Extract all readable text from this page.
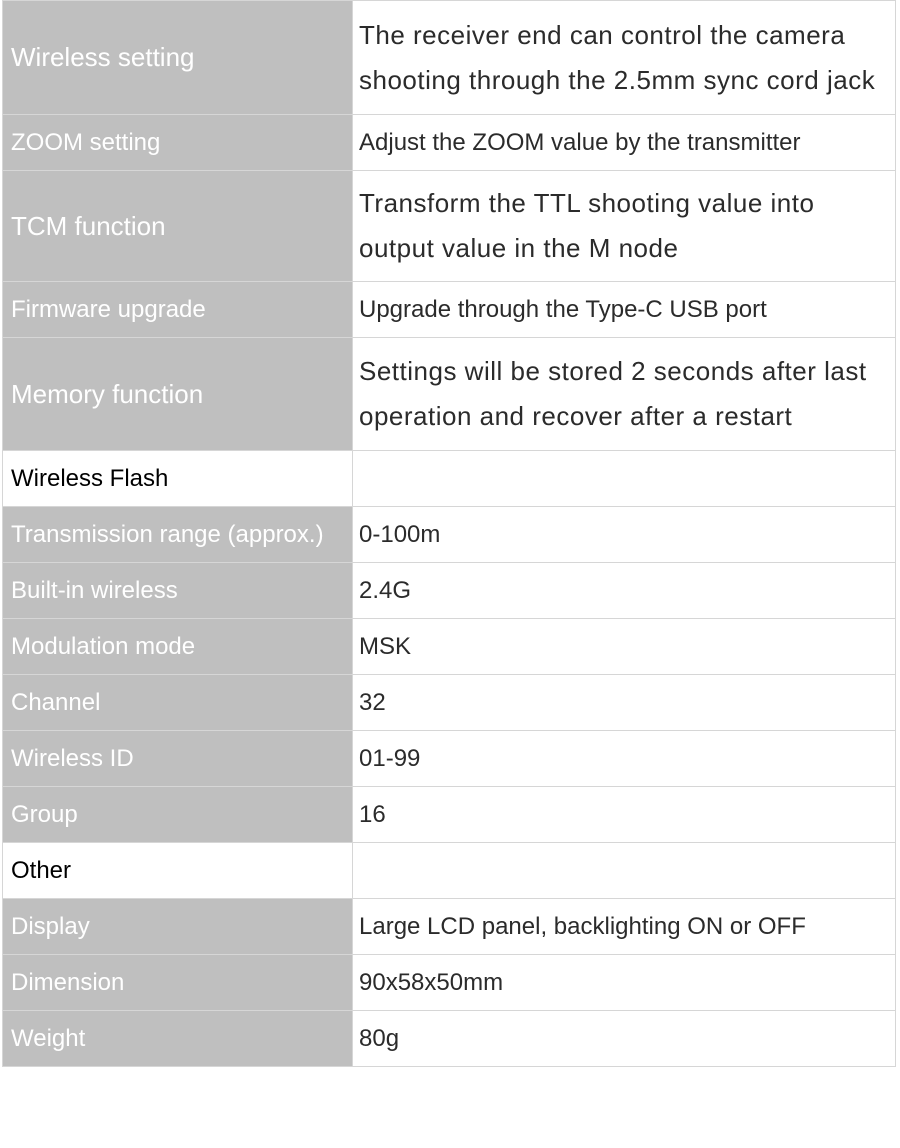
Wireless setting	The receiver end can control the camera shooting through the 2.5mm sync cord jack
ZOOM setting	Adjust the ZOOM value by the transmitter
TCM function	Transform the TTL shooting value into output value in the M node
Firmware upgrade	Upgrade through the Type-C USB port
Memory function	Settings will be stored 2 seconds after last operation and recover after a restart
Wireless Flash	
Transmission range (approx.)	0-100m
Built-in wireless	2.4G
Modulation mode	MSK
Channel	32
Wireless ID	01-99
Group	16
Other	
Display	Large LCD panel, backlighting ON or OFF
Dimension	90x58x50mm
Weight	80g
